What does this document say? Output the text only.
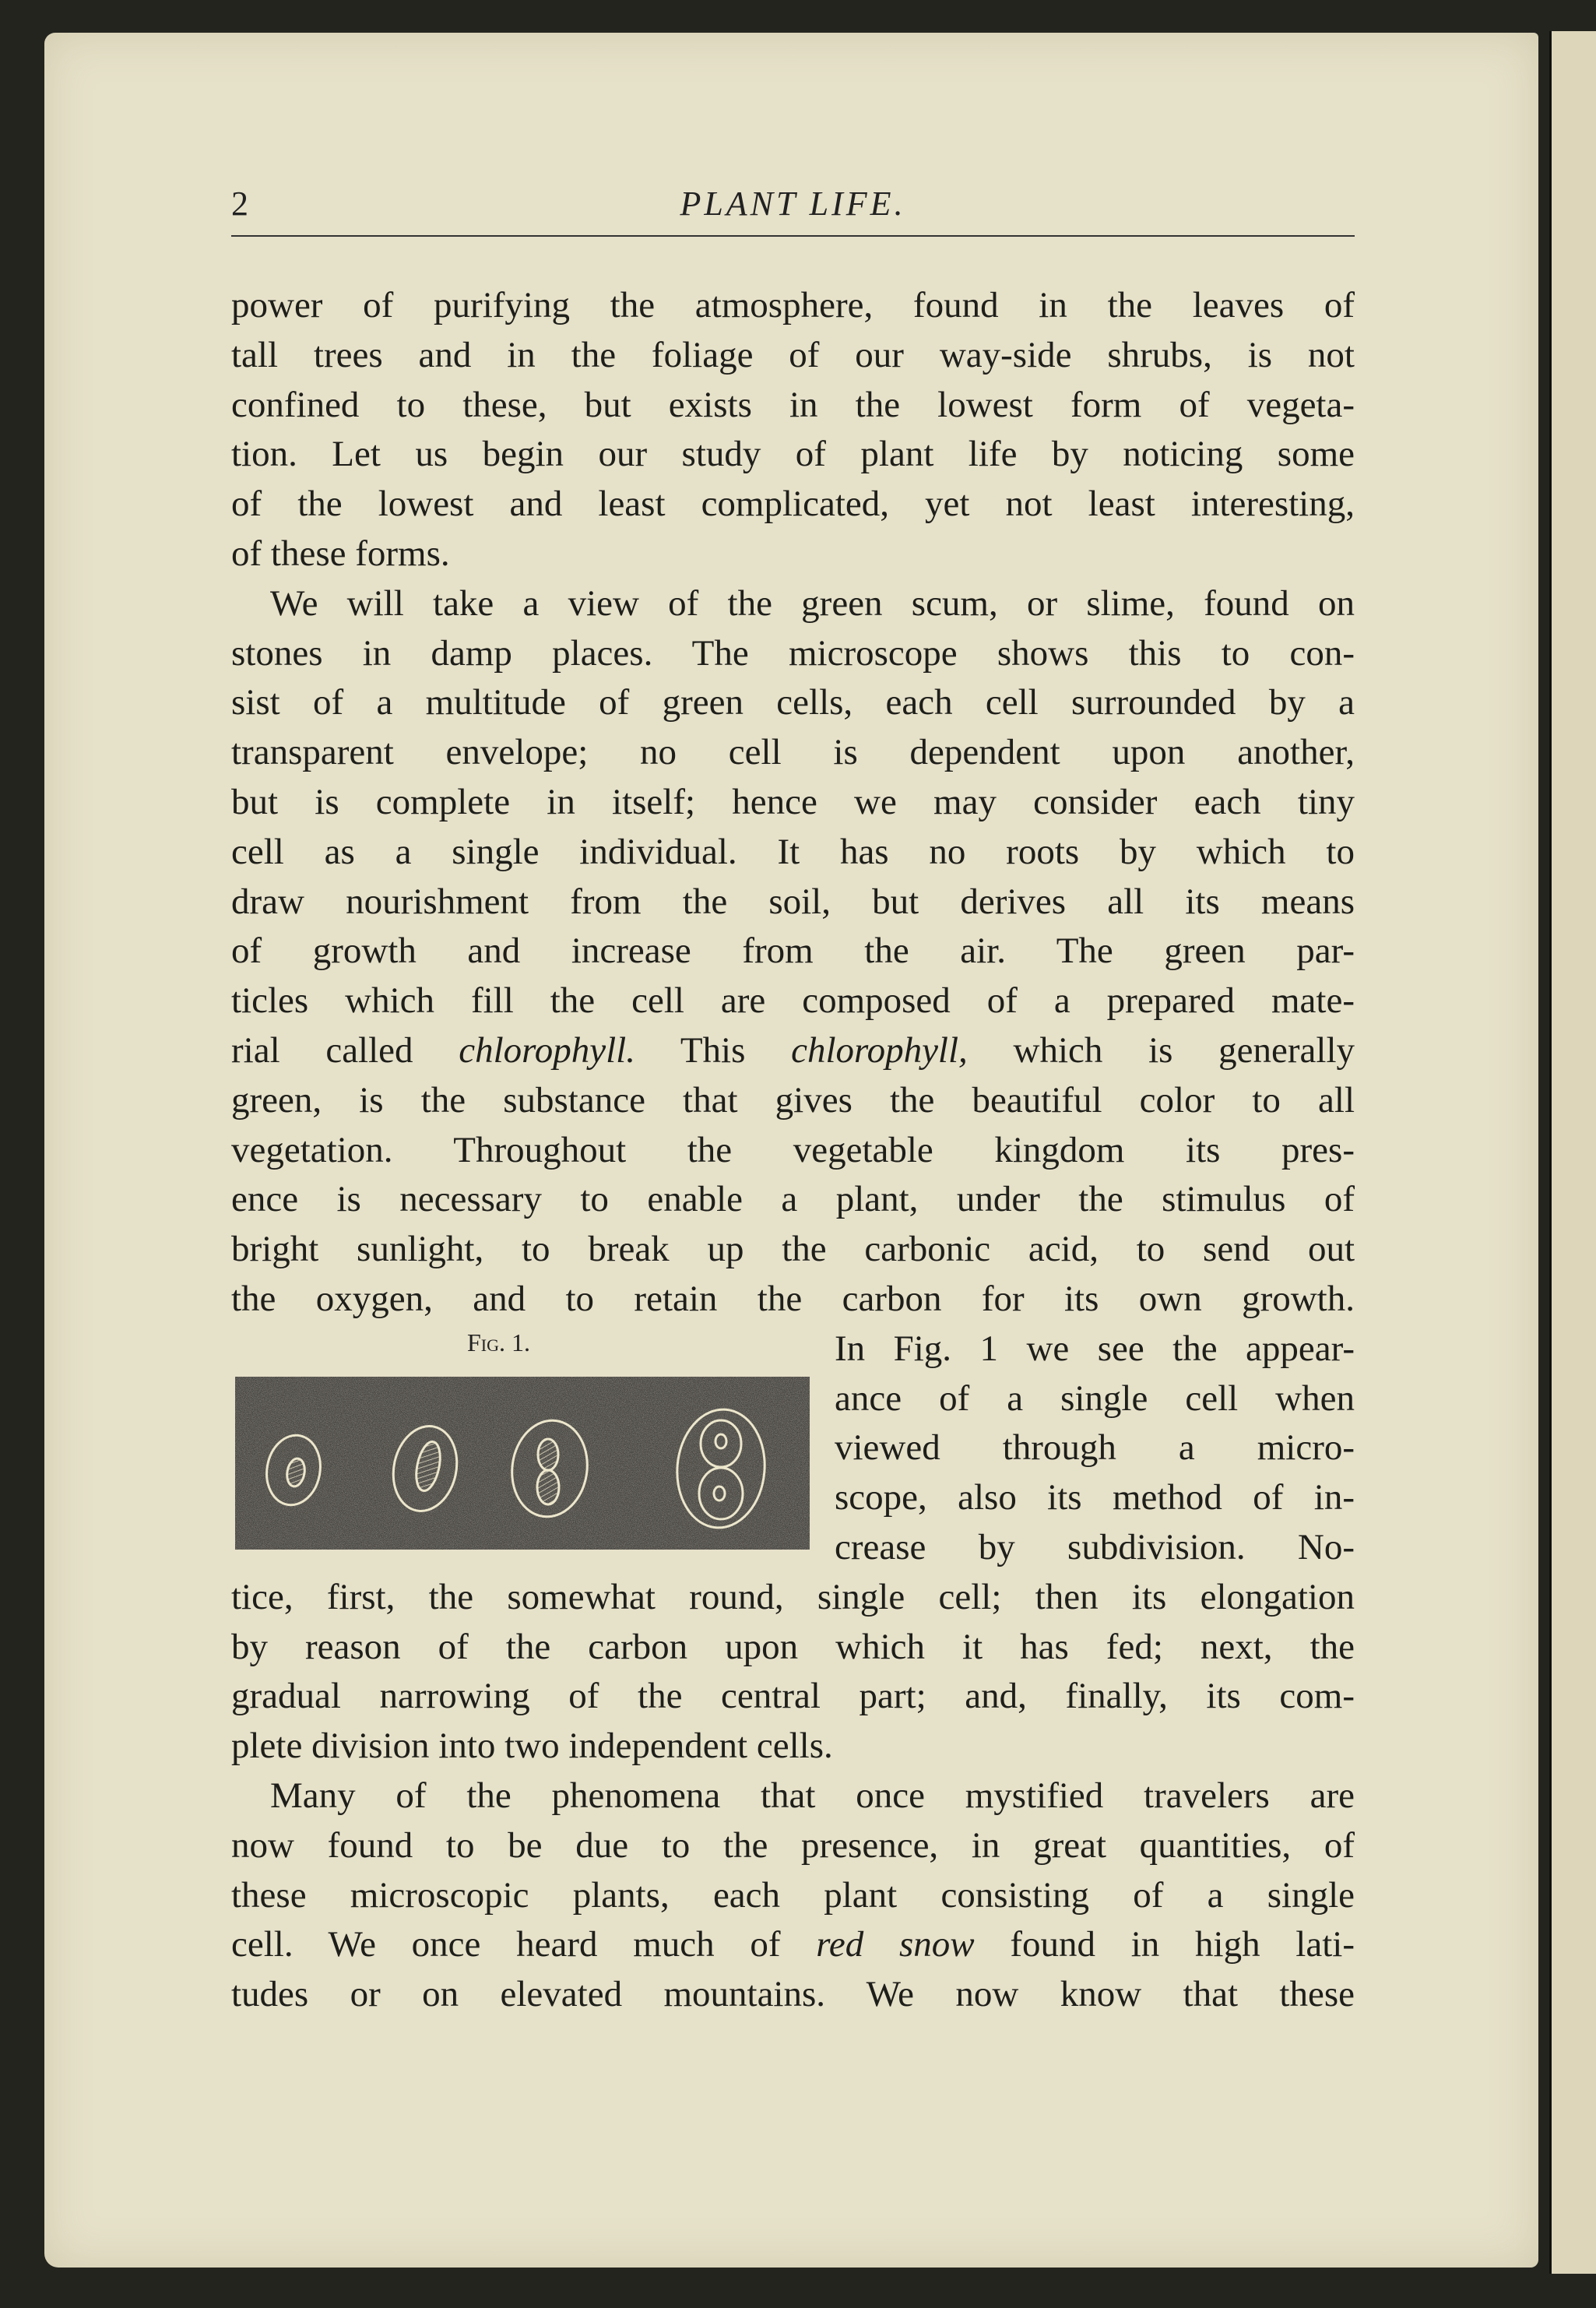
2	PLANT LIFE.
power of purifying the atmosphere, found in the leaves of
tall trees and in the foliage of our way-side shrubs, is not
confined to these, but exists in the lowest form of vegeta-
tion. Let us begin our study of plant life by noticing some
of the lowest and least complicated, yet not least interesting,
of these forms.
We will take a view of the green scum, or slime, found on
stones in damp places. The microscope shows this to con-
sist of a multitude of green cells, each cell surrounded by a
transparent envelope; no cell is dependent upon another,
but is complete in itself; hence we may consider each tiny
cell as a single individual. It has no roots by which to
draw nourishment from the soil, but derives all its means
of growth and increase from the air. The green par-
ticles which fill the cell are composed of a prepared mate-
rial called chlorophyll. This chlorophyll, which is generally
green, is the substance that gives the beautiful color to all
vegetation. Throughout the vegetable kingdom its pres-
ence is necessary to enable a plant, under the stimulus of
bright sunlight, to break up the carbonic acid, to send out
the oxygen, and to retain the carbon for its own growth.
In Fig. 1 we see the appear-
ance of a single cell when
viewed through a micro-
scope, also its method of in-
crease by subdivision. No-
tice, first, the somewhat round, single cell; then its elongation
by reason of the carbon upon which it has fed; next, the
gradual narrowing of the central part; and, finally, its com-
plete division into two independent cells.
Many of the phenomena that once mystified travelers are
now found to be due to the presence, in great quantities, of
these microscopic plants, each plant consisting of a single
cell. We once heard much of red snow found in high lati-
tudes or on elevated mountains. We now know that these
Fig. 1.
